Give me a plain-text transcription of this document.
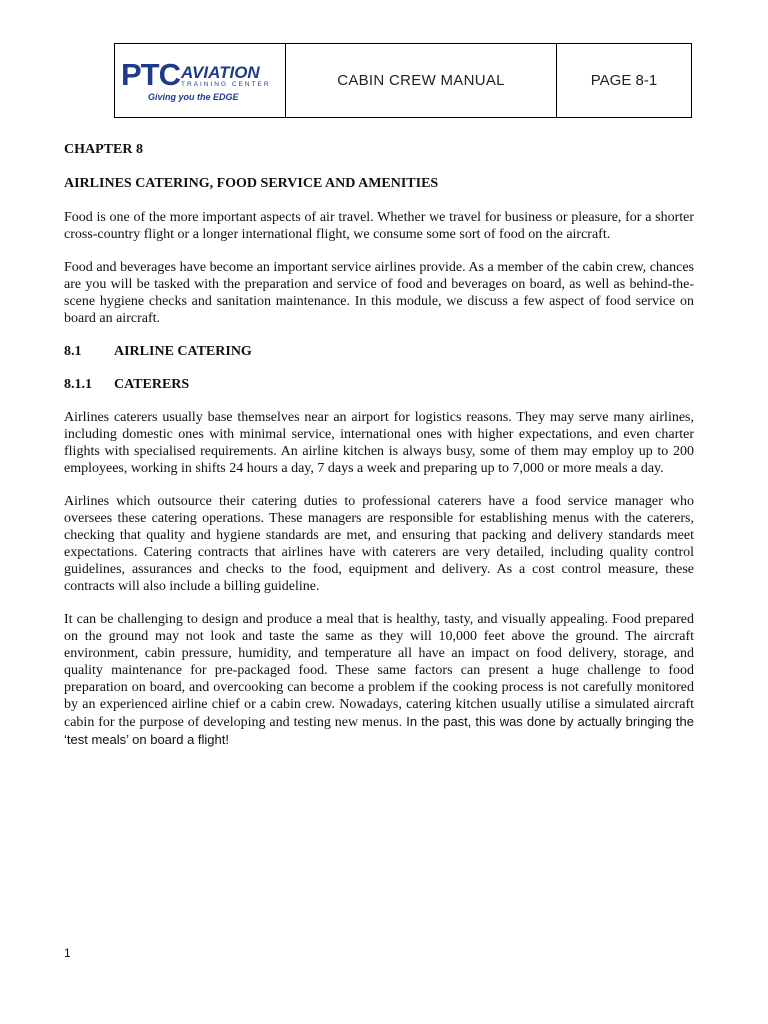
PTC AVIATION
TRAINING CENTER
Giving you the EDGE
CABIN CREW MANUAL	PAGE 8-1
CHAPTER 8
AIRLINES CATERING, FOOD SERVICE AND AMENITIES

Food is one of the more important aspects of air travel. Whether we travel for business or pleasure, for a shorter cross-country flight or a longer international flight, we consume some sort of food on the aircraft.

Food and beverages have become an important service airlines provide. As a member of the cabin crew, chances are you will be tasked with the preparation and service of food and beverages on board, as well as behind-the-scene hygiene checks and sanitation maintenance. In this module, we discuss a few aspect of food service on board an aircraft.

8.1	AIRLINE CATERING
8.1.1	CATERERS

Airlines caterers usually base themselves near an airport for logistics reasons. They may serve many airlines, including domestic ones with minimal service, international ones with higher expectations, and even charter flights with specialised requirements. An airline kitchen is always busy, some of them may employ up to 200 employees, working in shifts 24 hours a day, 7 days a week and preparing up to 7,000 or more meals a day.

Airlines which outsource their catering duties to professional caterers have a food service manager who oversees these catering operations. These managers are responsible for establishing menus with the caterers, checking that quality and hygiene standards are met, and ensuring that packing and delivery standards meet expectations. Catering contracts that airlines have with caterers are very detailed, including quality control guidelines, assurances and checks to the food, equipment and delivery. As a cost control measure, these contracts will also include a billing guideline.

It can be challenging to design and produce a meal that is healthy, tasty, and visually appealing. Food prepared on the ground may not look and taste the same as they will 10,000 feet above the ground. The aircraft environment, cabin pressure, humidity, and temperature all have an impact on food delivery, storage, and quality maintenance for pre-packaged food. These same factors can present a huge challenge to food preparation on board, and overcooking can become a problem if the cooking process is not carefully monitored by an experienced airline chief or a cabin crew. Nowadays, catering kitchen usually utilise a simulated aircraft cabin for the purpose of developing and testing new menus. In the past, this was done by actually bringing the ‘test meals’ on board a flight!

1
